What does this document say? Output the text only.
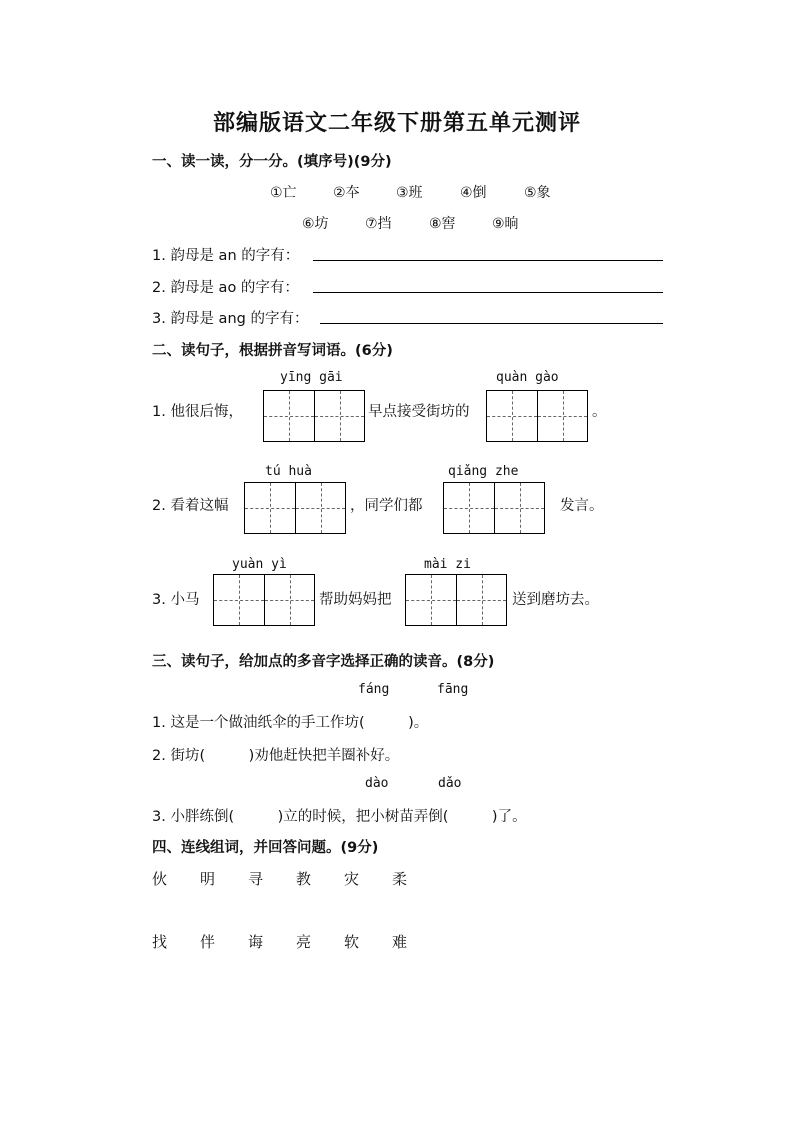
部编版语文二年级下册第五单元测评
一、读一读，分一分。(填序号)(9分)
①亡	②夲	③班	④倒	⑤象
⑥坊	⑦挡	⑧窖	⑨晌
1. 韵母是 an 的字有：
2. 韵母是 ao 的字有：
3. 韵母是 ang 的字有：
二、读句子，根据拼音写词语。(6分)
yīng gāi	quàn gào
1. 他很后悔，	早点接受街坊的	。
tú huà	qiǎng zhe
2. 看着这幅	，同学们都	发言。
yuàn yì	mài zi
3. 小马	帮助妈妈把	送到磨坊去。
三、读句子，给加点的多音字选择正确的读音。(8分)
fáng	fāng
1. 这是一个做油纸伞的手工作坊(　　　)。
2. 街坊(　　　)劝他赶快把羊圈补好。
dào	dǎo
3. 小胖练倒(　　　)立的时候，把小树苗弄倒(　　　)了。
四、连线组词，并回答问题。(9分)
伙 明 寻 教 灾 柔
找 伴 诲 亮 软 难
